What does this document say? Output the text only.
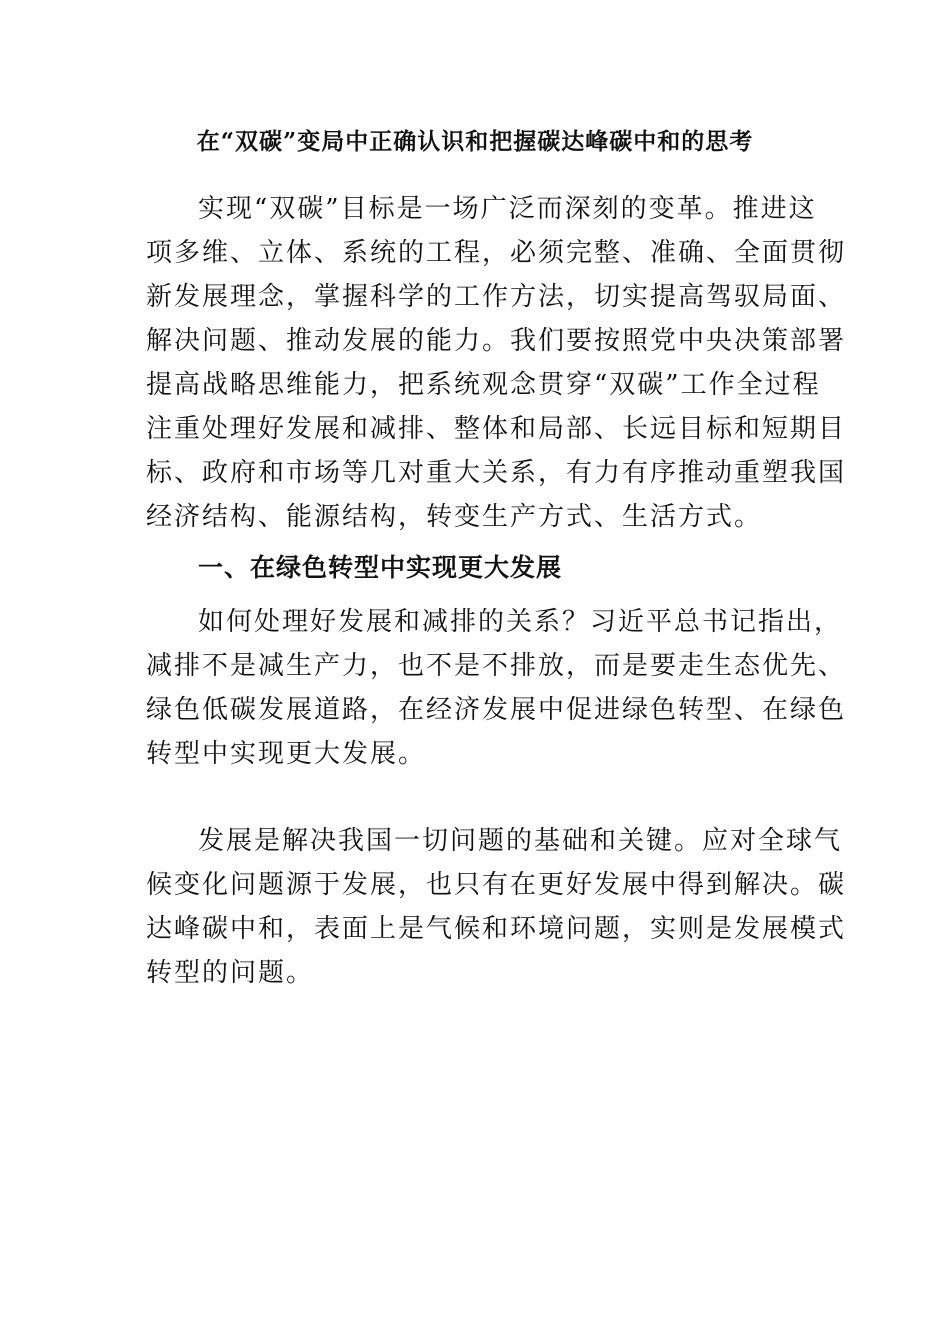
在“双碳”变局中正确认识和把握碳达峰碳中和的思考
实现“双碳”目标是一场广泛而深刻的变革。推进这
项多维、立体、系统的工程，必须完整、准确、全面贯彻
新发展理念，掌握科学的工作方法，切实提高驾驭局面、
解决问题、推动发展的能力。我们要按照党中央决策部署
提高战略思维能力，把系统观念贯穿“双碳”工作全过程
注重处理好发展和减排、整体和局部、长远目标和短期目
标、政府和市场等几对重大关系，有力有序推动重塑我国
经济结构、能源结构，转变生产方式、生活方式。
一、在绿色转型中实现更大发展
如何处理好发展和减排的关系？习近平总书记指出，
减排不是减生产力，也不是不排放，而是要走生态优先、
绿色低碳发展道路，在经济发展中促进绿色转型、在绿色
转型中实现更大发展。
发展是解决我国一切问题的基础和关键。应对全球气
候变化问题源于发展，也只有在更好发展中得到解决。碳
达峰碳中和，表面上是气候和环境问题，实则是发展模式
转型的问题。
